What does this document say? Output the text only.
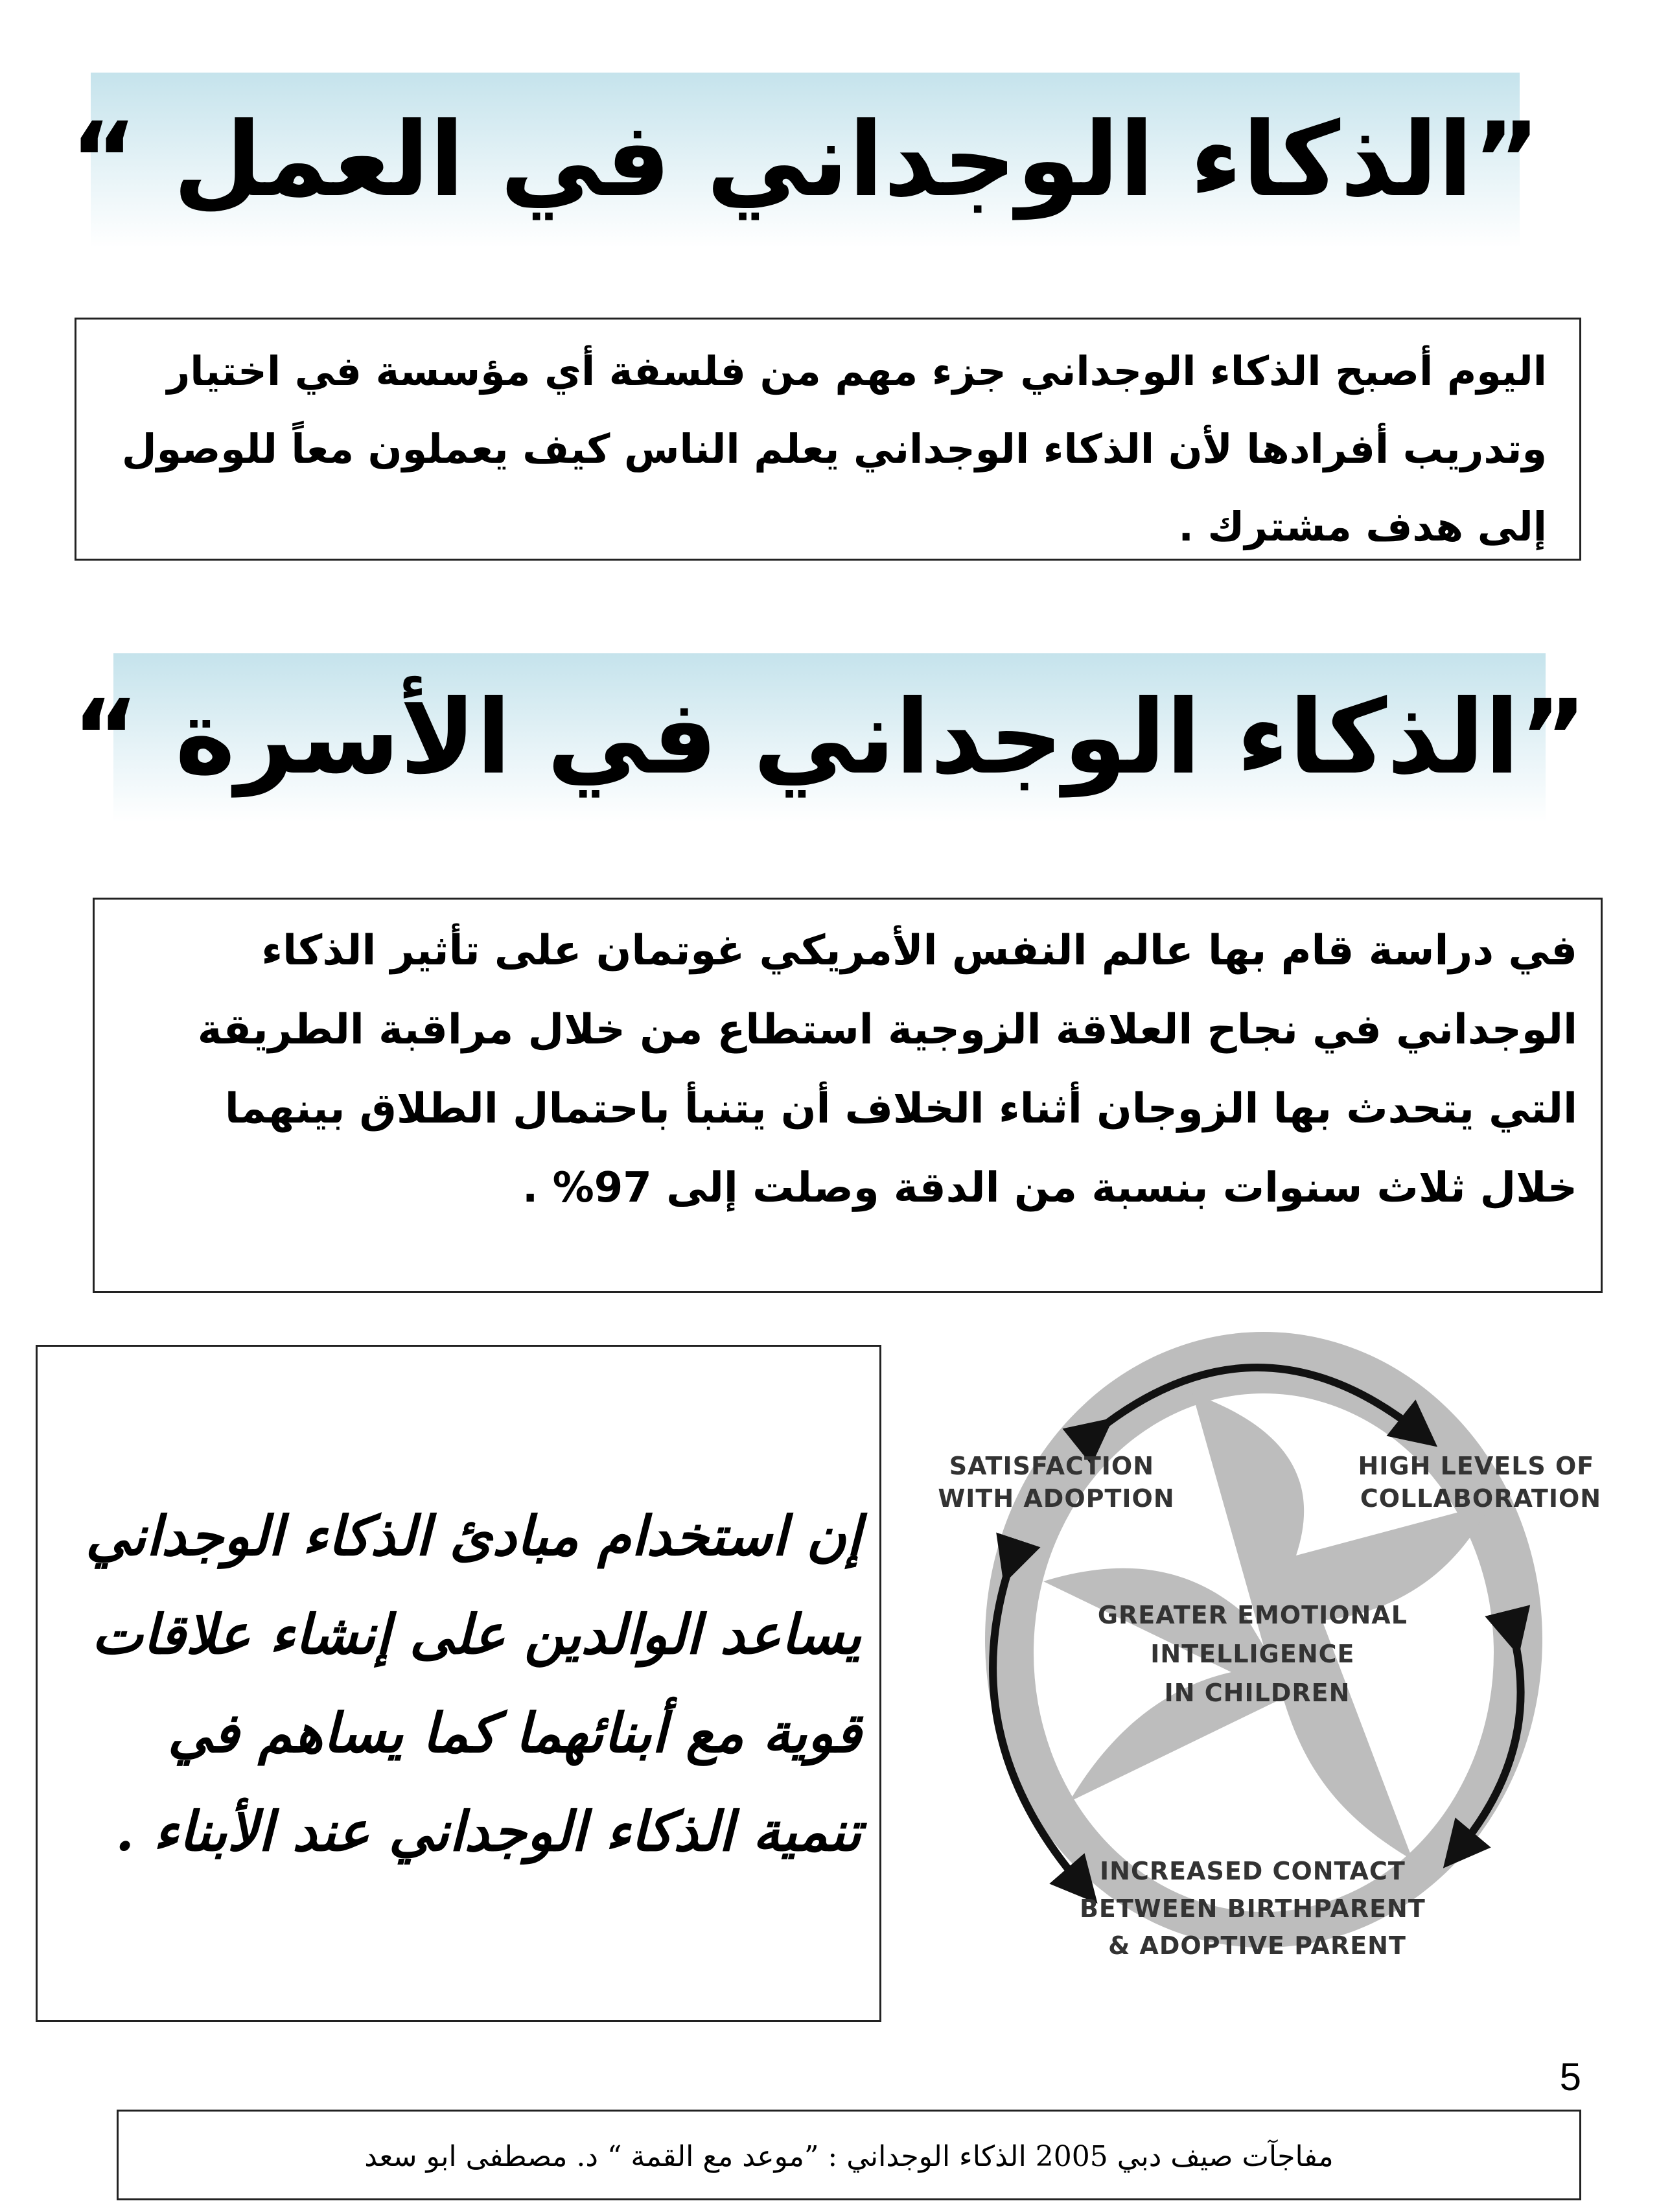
”الذكاء الوجداني في العمل “
اليوم أصبح الذكاء الوجداني جزء مهم من فلسفة أي مؤسسة في اختيار وتدريب أفرادها لأن الذكاء الوجداني يعلم الناس كيف يعملون معاً للوصول إلى هدف مشترك .
”الذكاء الوجداني في الأسرة “
في دراسة قام بها عالم النفس الأمريكي غوتمان على تأثير الذكاء الوجداني في نجاح العلاقة الزوجية استطاع من خلال مراقبة الطريقة التي يتحدث بها الزوجان أثناء الخلاف أن يتنبأ باحتمال الطلاق بينهما خلال ثلاث سنوات بنسبة من الدقة وصلت إلى 97% .
إن استخدام مبادئ الذكاء الوجداني يساعد الوالدين على إنشاء علاقات قوية مع أبنائهما كما يساهم في تنمية الذكاء الوجداني عند الأبناء .
SATISFACTION WITH ADOPTION
HIGH LEVELS OF COLLABORATION
GREATER EMOTIONAL INTELLIGENCE IN CHILDREN
INCREASED CONTACT BETWEEN BIRTHPARENT & ADOPTIVE PARENT
5
مفاجآت صيف دبي 2005 الذكاء الوجداني : ”موعد مع القمة “ د. مصطفى ابو سعد
